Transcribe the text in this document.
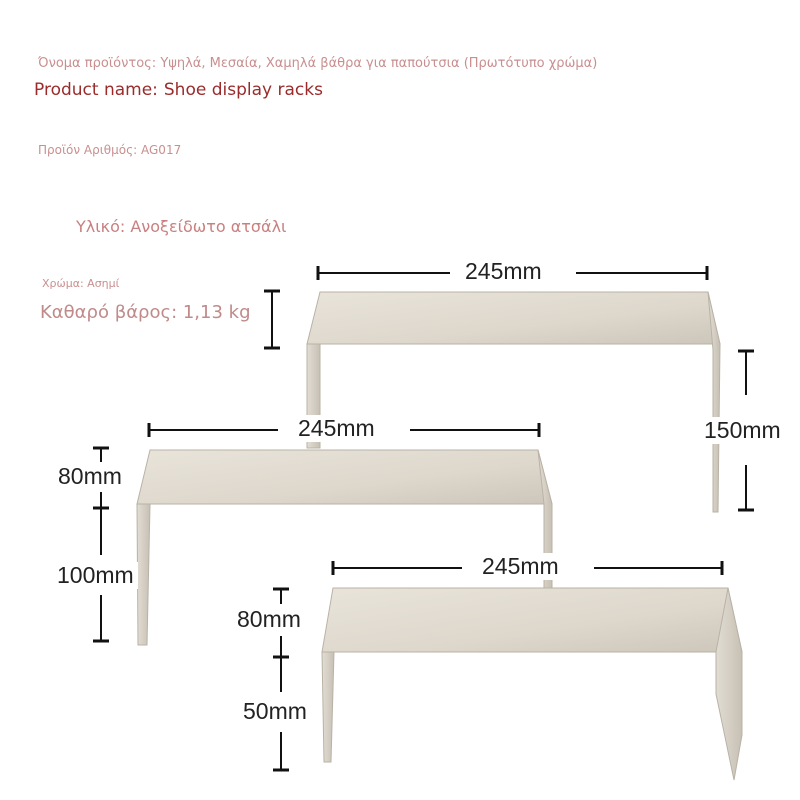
Όνομα προϊόντος: Υψηλά, Μεσαία, Χαμηλά βάθρα για παπούτσια (Πρωτότυπο χρώμα)
Product name: Shoe display racks
Προϊόν Αριθμός: AG017
Υλικό: Ανοξείδωτο ατσάλι
Χρώμα: Ασημί
Καθαρό βάρος: 1,13 kg
245mm
150mm
245mm
80mm
100mm	245mm
80mm
50mm
